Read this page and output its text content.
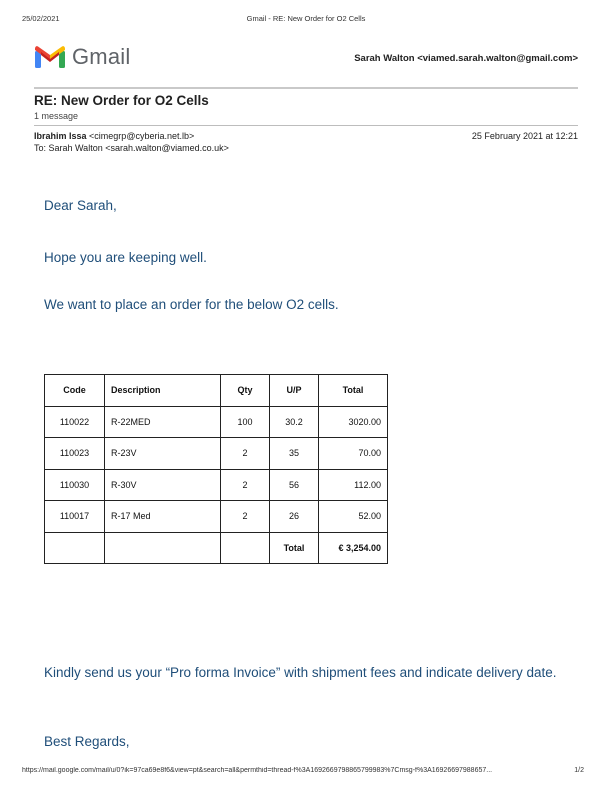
25/02/2021	Gmail - RE: New Order for O2 Cells
Gmail	Sarah Walton <viamed.sarah.walton@gmail.com>
RE: New Order for O2 Cells
1 message
Ibrahim Issa <cimegrp@cyberia.net.lb>	25 February 2021 at 12:21
To: Sarah Walton <sarah.walton@viamed.co.uk>
Dear Sarah,
Hope you are keeping well.
We want to place an order for the below O2 cells.
Code	Description	Qty	U/P	Total
110022	R-22MED	100	30.2	3020.00
110023	R-23V	2	35	70.00
110030	R-30V	2	56	112.00
110017	R-17 Med	2	26	52.00
			Total	€ 3,254.00
Kindly send us your “Pro forma Invoice” with shipment fees and indicate delivery date.
Best Regards,
https://mail.google.com/mail/u/0?ik=97ca69e8f6&view=pt&search=all&permthid=thread-f%3A1692669798865799983%7Cmsg-f%3A16926697988657...	1/2
